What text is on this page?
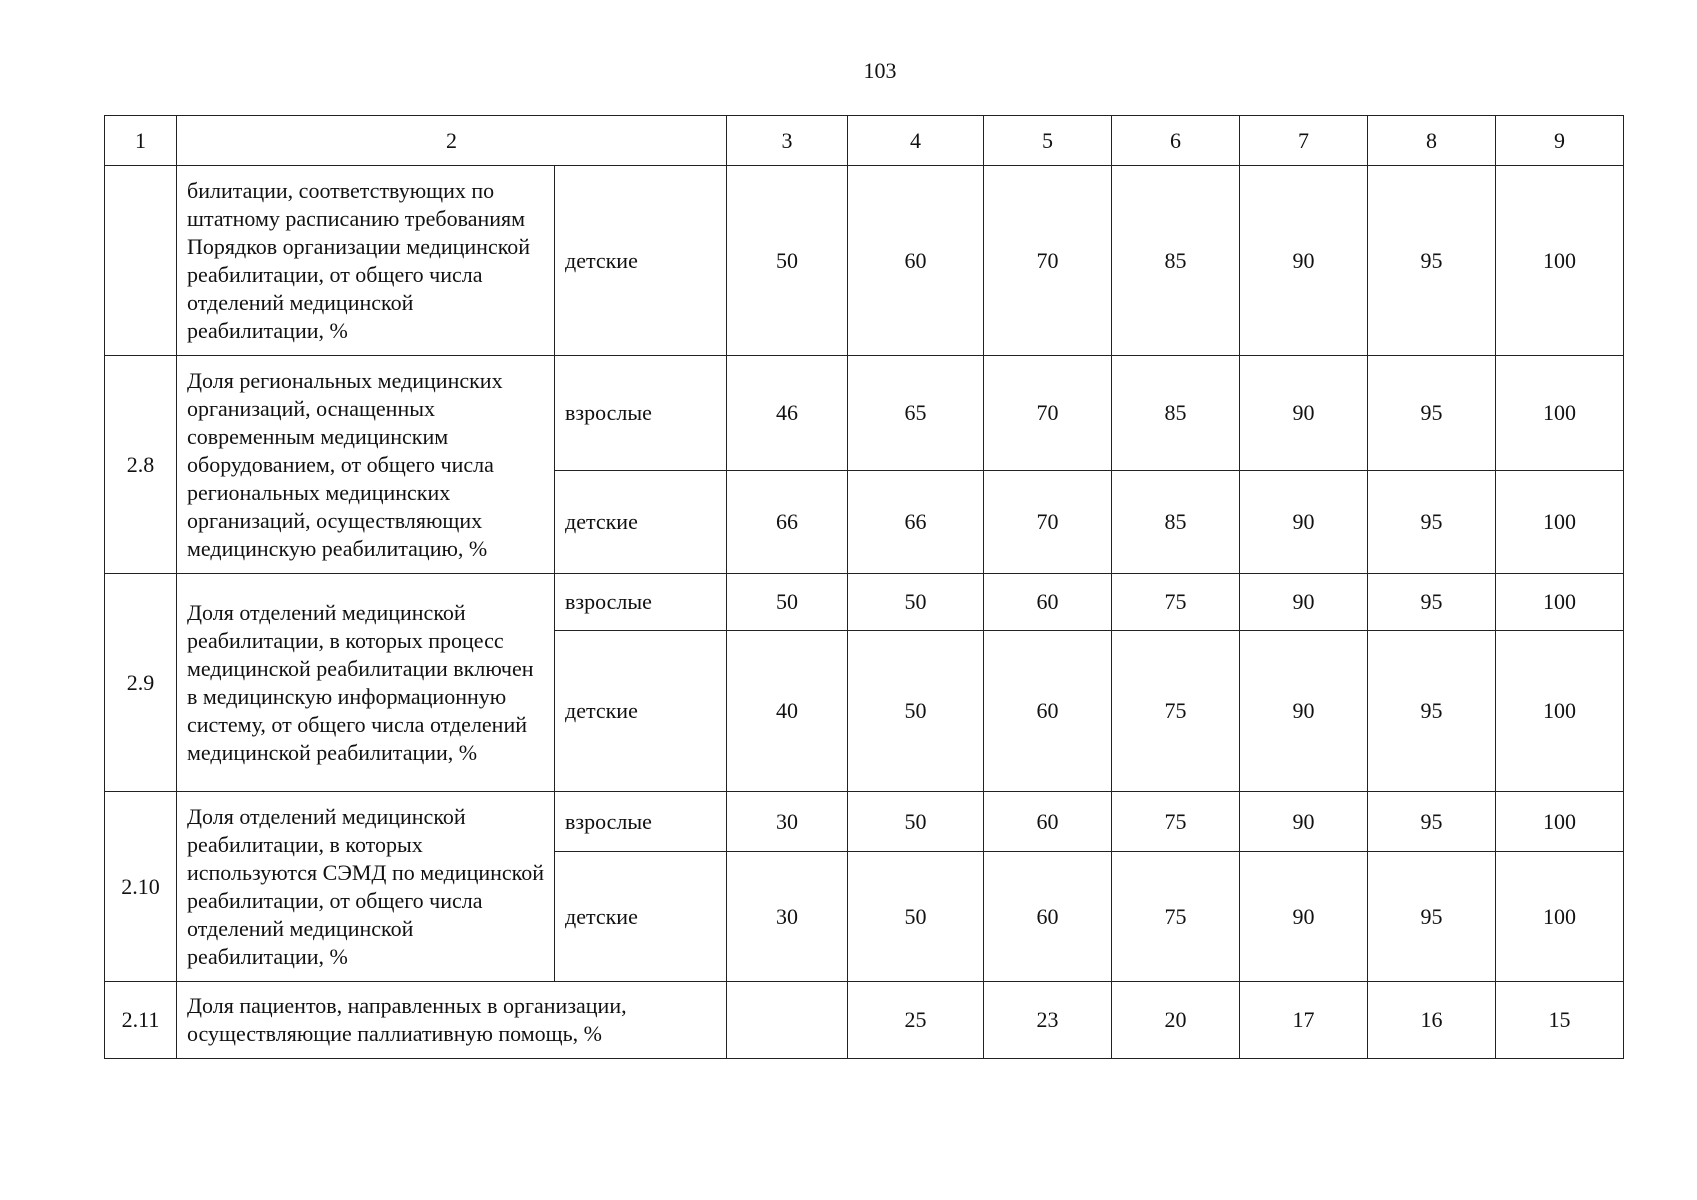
103
1	2		3	4	5	6	7	8	9
	билитации, соответствующих по штатному расписанию требованиям Порядков организации медицинской реабилитации, от общего числа отделений медицинской реабилитации, %	детские	50	60	70	85	90	95	100
2.8	Доля региональных медицинских организаций, оснащенных современным медицинским оборудованием, от общего числа региональных медицинских организаций, осуществляющих медицинскую реабилитацию, %	взрослые	46	65	70	85	90	95	100
		детские	66	66	70	85	90	95	100
2.9	Доля отделений медицинской реабилитации, в которых процесс медицинской реабилитации включен в медицинскую информационную систему, от общего числа отделений медицинской реабилитации, %	взрослые	50	50	60	75	90	95	100
		детские	40	50	60	75	90	95	100
2.10	Доля отделений медицинской реабилитации, в которых используются СЭМД по медицинской реабилитации, от общего числа отделений медицинской реабилитации, %	взрослые	30	50	60	75	90	95	100
		детские	30	50	60	75	90	95	100
2.11	Доля пациентов, направленных в организации, осуществляющие паллиативную помощь, %			25	23	20	17	16	15
